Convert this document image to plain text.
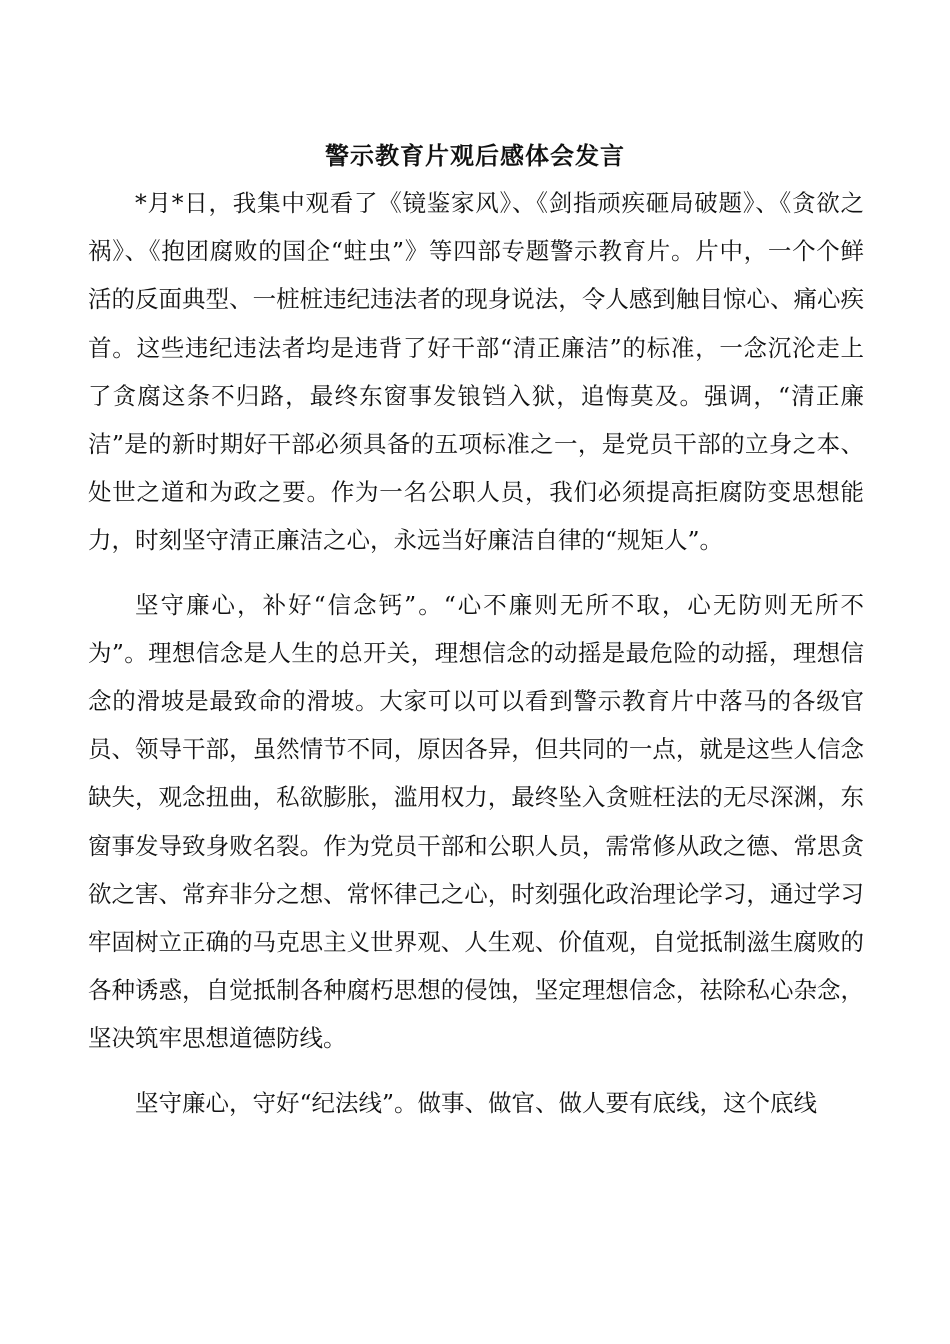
警示教育片观后感体会发言

*月*日，我集中观看了《镜鉴家风》、《剑指顽疾砸局破题》、《贪欲之祸》、《抱团腐败的国企“蛀虫”》等四部专题警示教育片。片中，一个个鲜活的反面典型、一桩桩违纪违法者的现身说法，令人感到触目惊心、痛心疾首。这些违纪违法者均是违背了好干部“清正廉洁”的标准，一念沉沦走上了贪腐这条不归路，最终东窗事发锒铛入狱，追悔莫及。强调，“清正廉洁”是的新时期好干部必须具备的五项标准之一，是党员干部的立身之本、处世之道和为政之要。作为一名公职人员，我们必须提高拒腐防变思想能力，时刻坚守清正廉洁之心，永远当好廉洁自律的“规矩人”。

坚守廉心，补好“信念钙”。“心不廉则无所不取，心无防则无所不为”。理想信念是人生的总开关，理想信念的动摇是最危险的动摇，理想信念的滑坡是最致命的滑坡。大家可以可以看到警示教育片中落马的各级官员、领导干部，虽然情节不同，原因各异，但共同的一点，就是这些人信念缺失，观念扭曲，私欲膨胀，滥用权力，最终坠入贪赃枉法的无尽深渊，东窗事发导致身败名裂。作为党员干部和公职人员，需常修从政之德、常思贪欲之害、常弃非分之想、常怀律己之心，时刻强化政治理论学习，通过学习牢固树立正确的马克思主义世界观、人生观、价值观，自觉抵制滋生腐败的各种诱惑，自觉抵制各种腐朽思想的侵蚀，坚定理想信念，祛除私心杂念，坚决筑牢思想道德防线。

坚守廉心，守好“纪法线”。做事、做官、做人要有底线，这个底线
